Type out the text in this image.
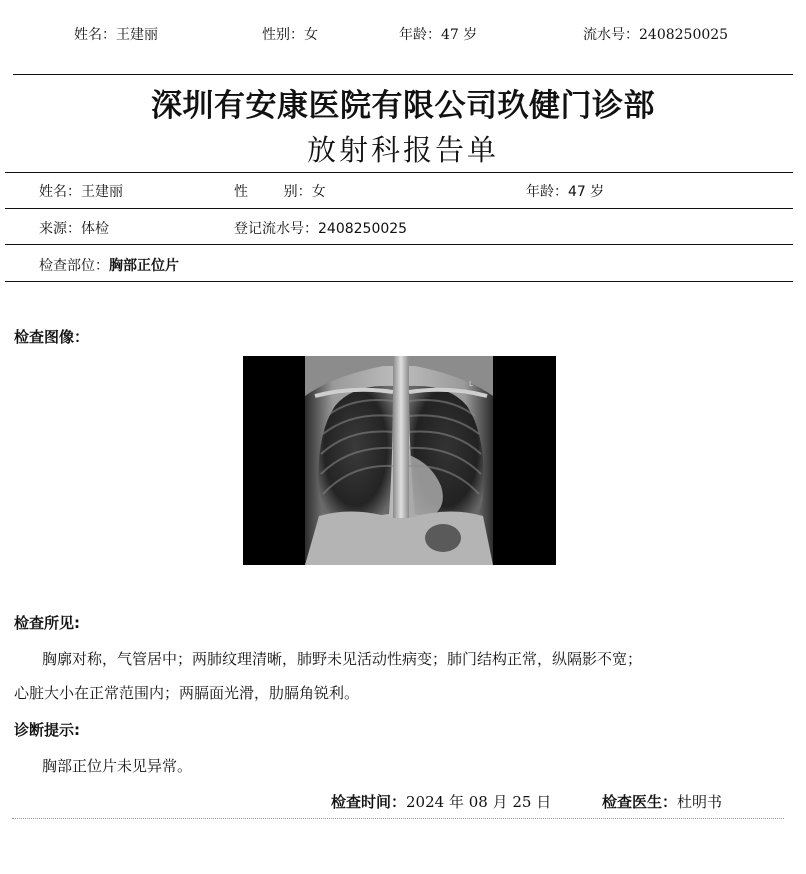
姓名：王建丽	性别：女	年龄：47 岁	流水号：2408250025
深圳有安康医院有限公司玖健门诊部
放射科报告单
姓名：王建丽	性        别：女	年龄：47 岁
来源：体检	登记流水号：2408250025
检查部位：胸部正位片
检查图像：
L
检查所见:
胸廓对称，气管居中；两肺纹理清晰，肺野未见活动性病变；肺门结构正常，纵隔影不宽；
心脏大小在正常范围内；两膈面光滑，肋膈角锐利。
诊断提示:
胸部正位片未见异常。
检查时间：2024 年 08 月 25 日	检查医生：杜明书
